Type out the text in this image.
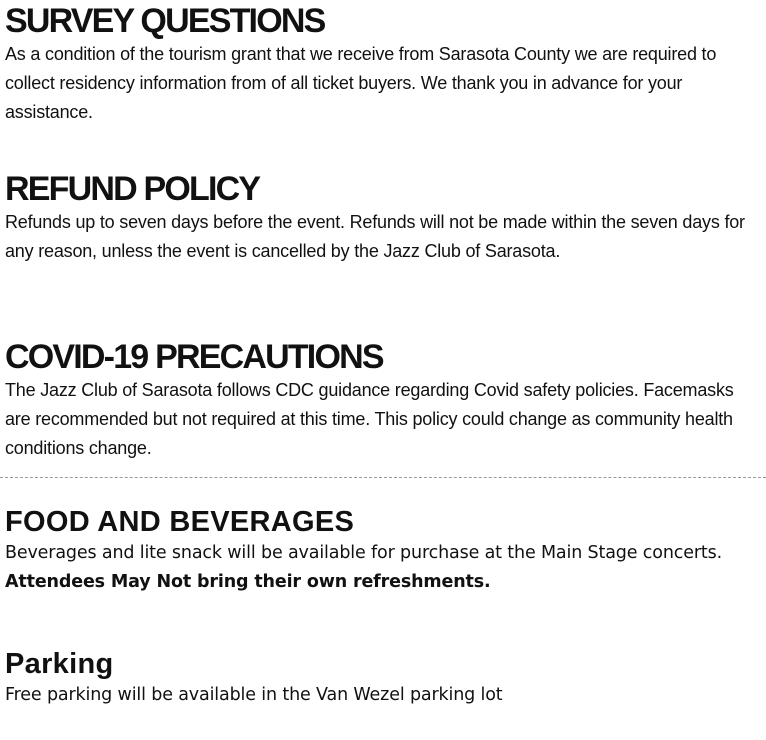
SURVEY QUESTIONS

As a condition of the tourism grant that we receive from Sarasota County we are required to collect residency information from of all ticket buyers. We thank you in advance for your assistance.

REFUND POLICY

Refunds up to seven days before the event. Refunds will not be made within the seven days for any reason, unless the event is cancelled by the Jazz Club of Sarasota.

COVID-19 PRECAUTIONS

The Jazz Club of Sarasota follows CDC guidance regarding Covid safety policies. Facemasks are recommended but not required at this time. This policy could change as community health conditions change.

FOOD AND BEVERAGES

Beverages and lite snack will be available for purchase at the Main Stage concerts. Attendees May Not bring their own refreshments.

Parking

Free parking will be available in the Van Wezel parking lot
